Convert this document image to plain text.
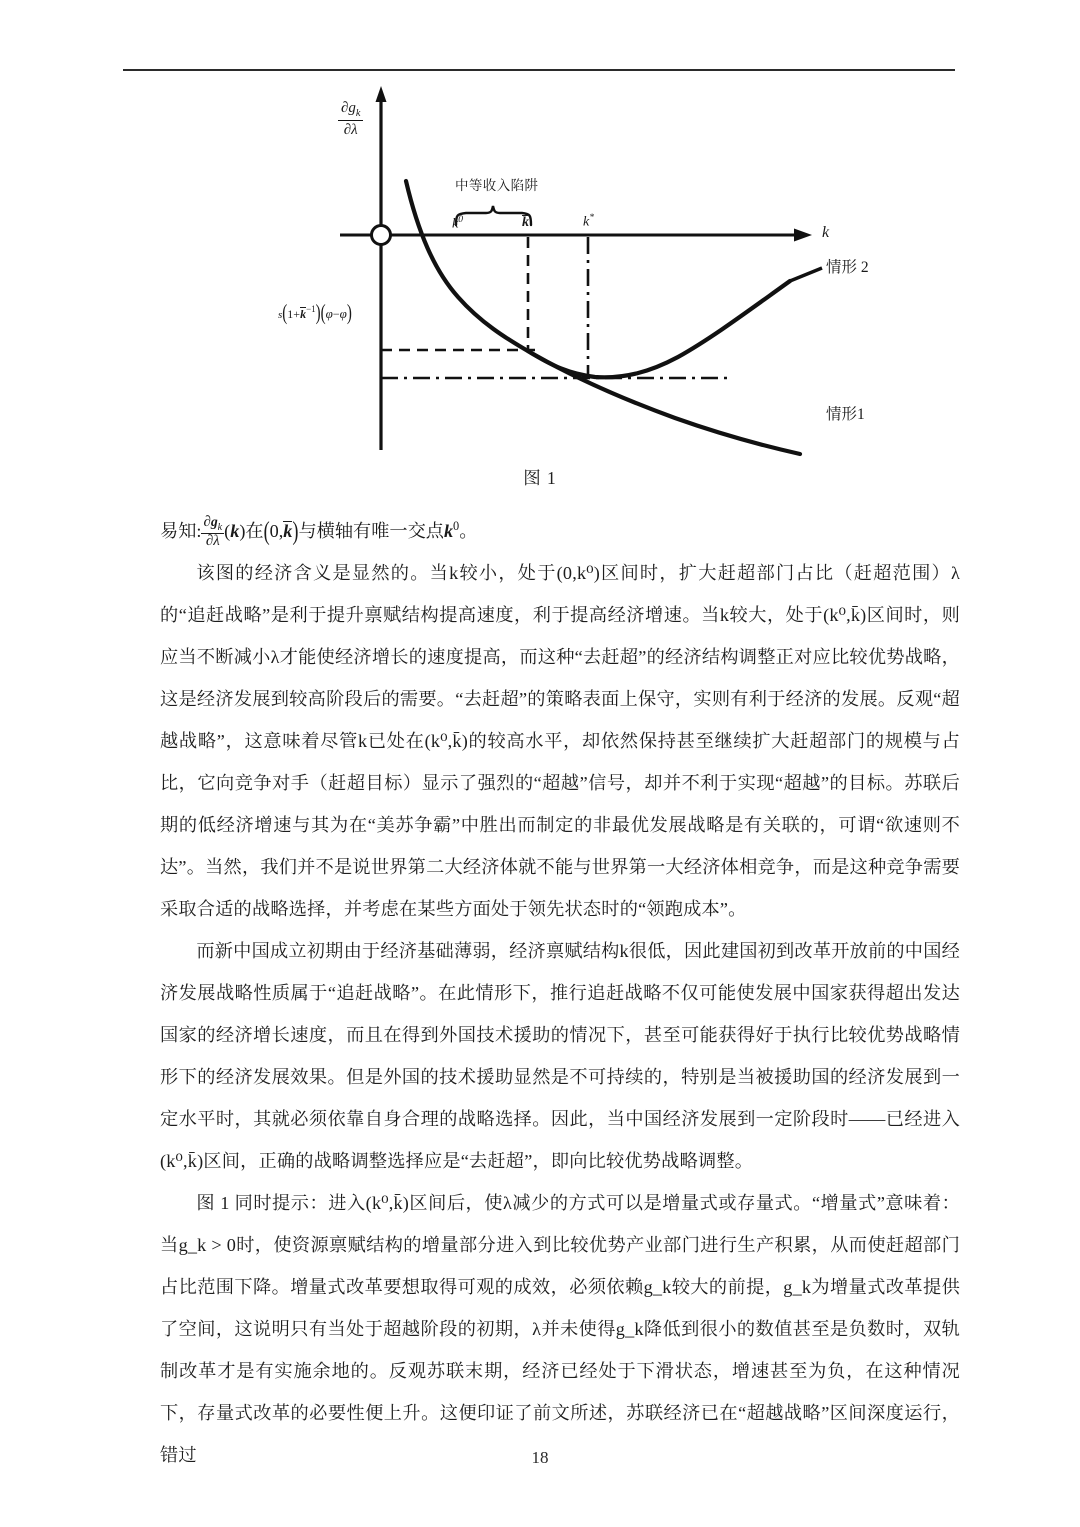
$\frac{\partial g_k}{\partial\lambda}$
k
中等收入陷阱
$k^0$	k	k*
$s(1+k^{-1})(\varphi-\varphi)$
情形 2
情形1
图 1
易知: $\frac{\partial g_k}{\partial\lambda} (k)$在(0,k)与横轴有唯一交点$k^0$。

该图的经济含义是显然的。当k较小，处于(0,k⁰)区间时，扩大赶超部门占比（赶超范围）λ的“追赶战略”是利于提升禀赋结构提高速度，利于提高经济增速。当k较大，处于(k⁰,k̄)区间时，则应当不断减小λ才能使经济增长的速度提高，而这种“去赶超”的经济结构调整正对应比较优势战略，这是经济发展到较高阶段后的需要。“去赶超”的策略表面上保守，实则有利于经济的发展。反观“超越战略”，这意味着尽管k已处在(k⁰,k̄)的较高水平，却依然保持甚至继续扩大赶超部门的规模与占比，它向竞争对手（赶超目标）显示了强烈的“超越”信号，却并不利于实现“超越”的目标。苏联后期的低经济增速与其为在“美苏争霸”中胜出而制定的非最优发展战略是有关联的，可谓“欲速则不达”。当然，我们并不是说世界第二大经济体就不能与世界第一大经济体相竞争，而是这种竞争需要采取合适的战略选择，并考虑在某些方面处于领先状态时的“领跑成本”。

而新中国成立初期由于经济基础薄弱，经济禀赋结构k很低，因此建国初到改革开放前的中国经济发展战略性质属于“追赶战略”。在此情形下，推行追赶战略不仅可能使发展中国家获得超出发达国家的经济增长速度，而且在得到外国技术援助的情况下，甚至可能获得好于执行比较优势战略情形下的经济发展效果。但是外国的技术援助显然是不可持续的，特别是当被援助国的经济发展到一定水平时，其就必须依靠自身合理的战略选择。因此，当中国经济发展到一定阶段时——已经进入(k⁰,k̄)区间，正确的战略调整选择应是“去赶超”，即向比较优势战略调整。

图 1 同时提示：进入(k⁰,k̄)区间后，使λ减少的方式可以是增量式或存量式。“增量式”意味着：当g_k > 0时，使资源禀赋结构的增量部分进入到比较优势产业部门进行生产积累，从而使赶超部门占比范围下降。增量式改革要想取得可观的成效，必须依赖g_k较大的前提，g_k为增量式改革提供了空间，这说明只有当处于超越阶段的初期，λ并未使得g_k降低到很小的数值甚至是负数时，双轨制改革才是有实施余地的。反观苏联末期，经济已经处于下滑状态，增速甚至为负，在这种情况下，存量式改革的必要性便上升。这便印证了前文所述，苏联经济已在“超越战略”区间深度运行，错过	18
